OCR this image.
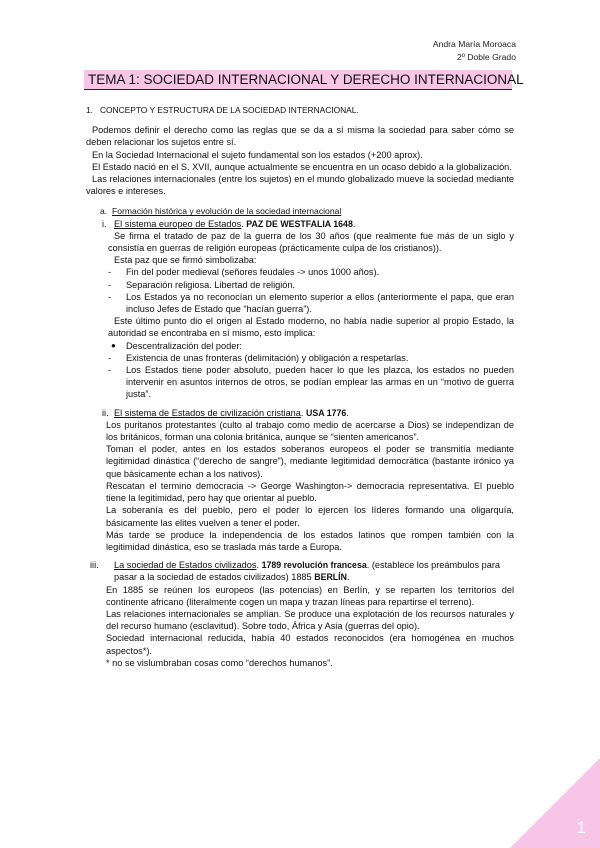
Andra María Moroaca
2º Doble Grado
TEMA 1: SOCIEDAD INTERNACIONAL Y DERECHO INTERNACIONAL

1. CONCEPTO Y ESTRUCTURA DE LA SOCIEDAD INTERNACIONAL.

Podemos definir el derecho como las reglas que se da a sí misma la sociedad para saber cómo se deben relacionar los sujetos entre sí.

En la Sociedad Internacional el sujeto fundamental son los estados (+200 aprox).

El Estado nació en el S. XVII, aunque actualmente se encuentra en un ocaso debido a la globalización.

Las relaciones internacionales (entre los sujetos) en el mundo globalizado mueve la sociedad mediante valores e intereses.

a. Formación histórica y evolución de la sociedad internacional

i. El sistema europeo de Estados. PAZ DE WESTFALIA 1648.

Se firma el tratado de paz de la guerra de los 30 años (que realmente fue más de un siglo y consistía en guerras de religión europeas (prácticamente culpa de los cristianos)).

Esta paz que se firmó simbolizaba:

- Fin del poder medieval (señores feudales -> unos 1000 años).

- Separación religiosa. Libertad de religión.

- Los Estados ya no reconocían un elemento superior a ellos (anteriormente el papa, que eran incluso Jefes de Estado que “hacían guerra”).

Este último punto dio el origen al Estado moderno, no había nadie superior al propio Estado, la autoridad se encontraba en sí mismo, esto implica:

● Descentralización del poder:

- Existencia de unas fronteras (delimitación) y obligación a respetarlas.

- Los Estados tiene poder absoluto, pueden hacer lo que les plazca, los estados no pueden intervenir en asuntos internos de otros, se podían emplear las armas en un “motivo de guerra justa”.

ii. El sistema de Estados de civilización cristiana. USA 1776.

Los puritanos protestantes (culto al trabajo como medio de acercarse a Dios) se independizan de los británicos, forman una colonia británica, aunque se “sienten americanos”.

Toman el poder, antes en los estados soberanos europeos el poder se transmitía mediante legitimidad dinástica (“derecho de sangre”), mediante legitimidad democrática (bastante irónico ya que básicamente echan a los nativos).

Rescatan el termino democracia -> George Washington-> democracia representativa. El pueblo tiene la legitimidad, pero hay que orientar al pueblo.

La soberanía es del pueblo, pero el poder lo ejercen los líderes formando una oligarquía, básicamente las elites vuelven a tener el poder.

Más tarde se produce la independencia de los estados latinos que rompen también con la legitimidad dinástica, eso se traslada más tarde a Europa.

iii. La sociedad de Estados civilizados. 1789 revolución francesa. (establece los preámbulos para pasar a la sociedad de estados civilizados) 1885 BERLÍN.

En 1885 se reúnen los europeos (las potencias) en Berlín, y se reparten los territorios del continente africano (literalmente cogen un mapa y trazan líneas para repartirse el terreno).

Las relaciones internacionales se amplían. Se produce una explotación de los recursos naturales y del recurso humano (esclavitud). Sobre todo, África y Asia (guerras del opio).

Sociedad internacional reducida, había 40 estados reconocidos (era homogénea en muchos aspectos*).

* no se vislumbraban cosas como “derechos humanos”.

1
